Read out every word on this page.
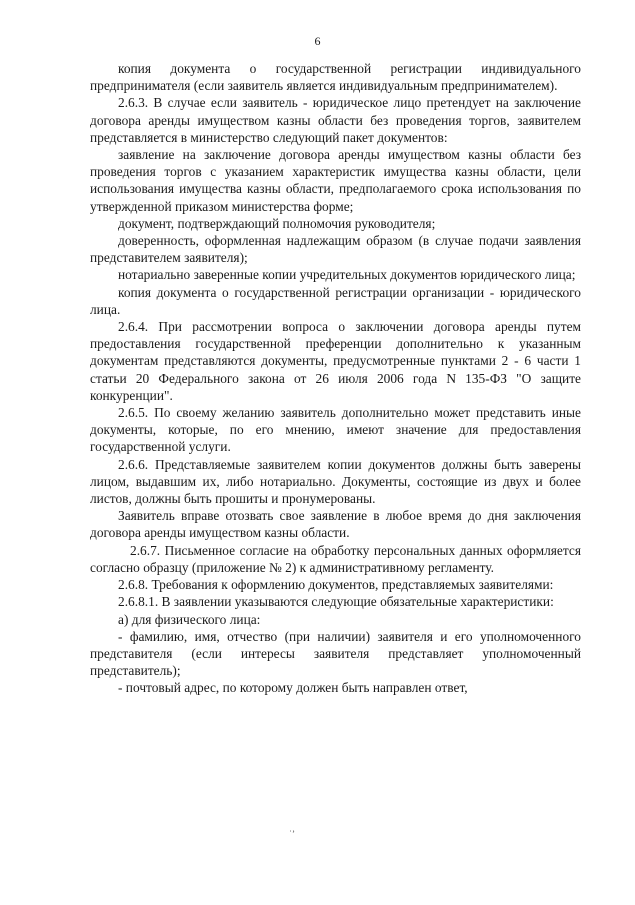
6

копия документа о государственной регистрации индивидуального предпринимателя (если заявитель является индивидуальным предпринимателем).

2.6.3. В случае если заявитель - юридическое лицо претендует на заключение договора аренды имуществом казны области без проведения торгов, заявителем представляется в министерство следующий пакет документов:

заявление на заключение договора аренды имуществом казны области без проведения торгов с указанием характеристик имущества казны области, цели использования имущества казны области, предполагаемого срока использования по утвержденной приказом министерства форме;

документ, подтверждающий полномочия руководителя;

доверенность, оформленная надлежащим образом (в случае подачи заявления представителем заявителя);

нотариально заверенные копии учредительных документов юридического лица;

копия документа о государственной регистрации организации - юридического лица.

2.6.4. При рассмотрении вопроса о заключении договора аренды путем предоставления государственной преференции дополнительно к указанным документам представляются документы, предусмотренные пунктами 2 - 6 части 1 статьи 20 Федерального закона от 26 июля 2006 года N 135-ФЗ "О защите конкуренции".

2.6.5. По своему желанию заявитель дополнительно может представить иные документы, которые, по его мнению, имеют значение для предоставления государственной услуги.

2.6.6. Представляемые заявителем копии документов должны быть заверены лицом, выдавшим их, либо нотариально. Документы, состоящие из двух и более листов, должны быть прошиты и пронумерованы.

Заявитель вправе отозвать свое заявление в любое время до дня заключения договора аренды имуществом казны области.

2.6.7. Письменное согласие на обработку персональных данных оформляется согласно образцу (приложение № 2) к административному регламенту.

2.6.8. Требования к оформлению документов, представляемых заявителями:

2.6.8.1. В заявлении указываются следующие обязательные характеристики:

а) для физического лица:

- фамилию, имя, отчество (при наличии) заявителя и его уполномоченного представителя (если интересы заявителя представляет уполномоченный представитель);

- почтовый адрес, по которому должен быть направлен ответ,

˙’
